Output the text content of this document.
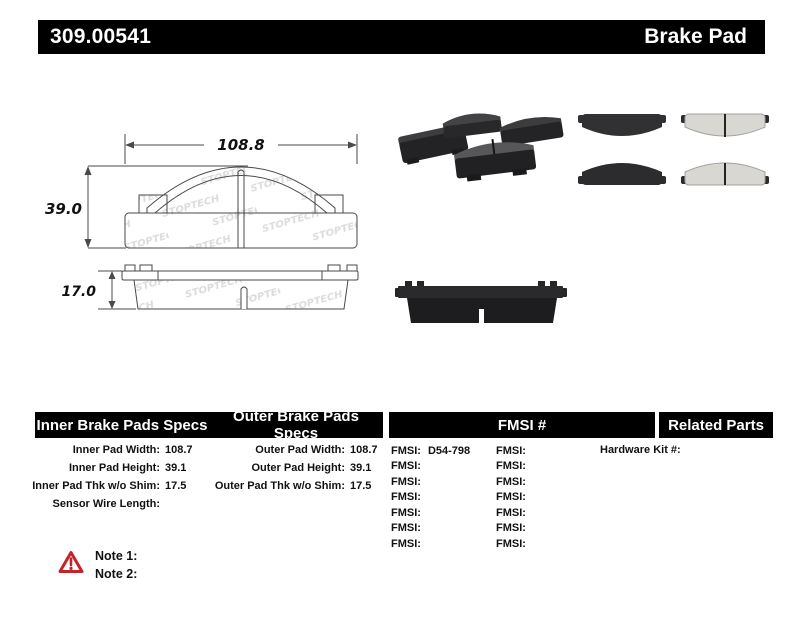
309.00541	Brake Pad
108.8
39.0
17.0
Inner Brake Pads Specs	Outer Brake Pads Specs	FMSI #	Related Parts
Inner Pad Width: 108.7
Inner Pad Height: 39.1
Inner Pad Thk w/o Shim: 17.5
Sensor Wire Length:
Outer Pad Width: 108.7
Outer Pad Height: 39.1
Outer Pad Thk w/o Shim: 17.5
FMSI: D54-798
FMSI:
FMSI:
FMSI:
FMSI:
FMSI:
FMSI:
FMSI:
FMSI:
FMSI:
FMSI:
FMSI:
FMSI:
FMSI:
Hardware Kit #:
Note 1:
Note 2:
